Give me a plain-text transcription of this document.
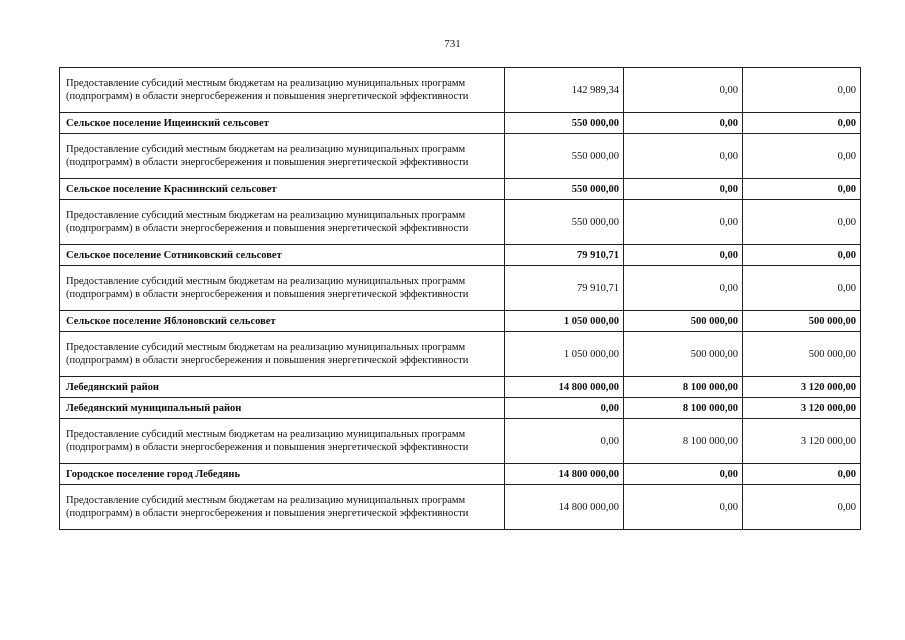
731
Предоставление субсидий местным бюджетам на реализацию муниципальных программ (подпрограмм) в области энергосбережения и повышения энергетической эффективности	142 989,34	0,00	0,00
Сельское поселение Ищеинский сельсовет	550 000,00	0,00	0,00
Предоставление субсидий местным бюджетам на реализацию муниципальных программ (подпрограмм) в области энергосбережения и повышения энергетической эффективности	550 000,00	0,00	0,00
Сельское поселение Краснинский сельсовет	550 000,00	0,00	0,00
Предоставление субсидий местным бюджетам на реализацию муниципальных программ (подпрограмм) в области энергосбережения и повышения энергетической эффективности	550 000,00	0,00	0,00
Сельское поселение Сотниковский сельсовет	79 910,71	0,00	0,00
Предоставление субсидий местным бюджетам на реализацию муниципальных программ (подпрограмм) в области энергосбережения и повышения энергетической эффективности	79 910,71	0,00	0,00
Сельское поселение Яблоновский сельсовет	1 050 000,00	500 000,00	500 000,00
Предоставление субсидий местным бюджетам на реализацию муниципальных программ (подпрограмм) в области энергосбережения и повышения энергетической эффективности	1 050 000,00	500 000,00	500 000,00
Лебедянский район	14 800 000,00	8 100 000,00	3 120 000,00
Лебедянский муниципальный район	0,00	8 100 000,00	3 120 000,00
Предоставление субсидий местным бюджетам на реализацию муниципальных программ (подпрограмм) в области энергосбережения и повышения энергетической эффективности	0,00	8 100 000,00	3 120 000,00
Городское поселение город Лебедянь	14 800 000,00	0,00	0,00
Предоставление субсидий местным бюджетам на реализацию муниципальных программ (подпрограмм) в области энергосбережения и повышения энергетической эффективности	14 800 000,00	0,00	0,00
